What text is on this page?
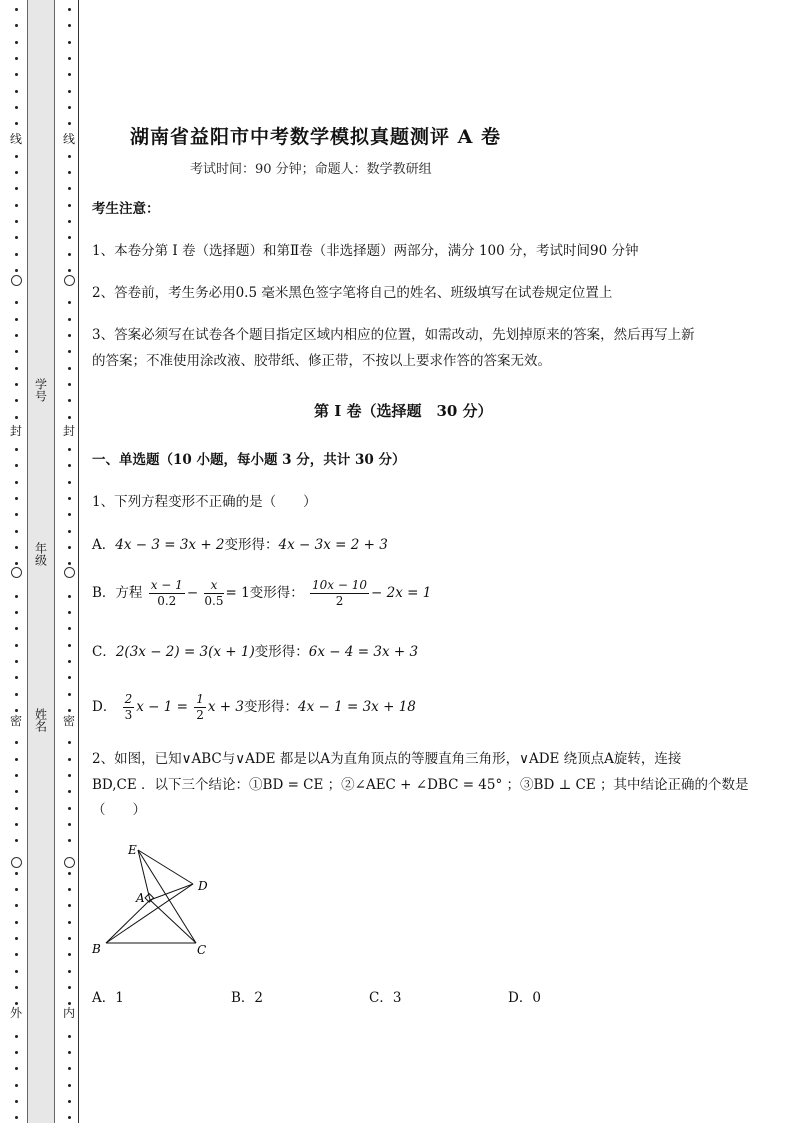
线
封
密
外
学号
年级
姓名
线
封
密
内
湖南省益阳市中考数学模拟真题测评 A 卷
考试时间：90 分钟；命题人：数学教研组
考生注意：
1、本卷分第 I 卷（选择题）和第Ⅱ卷（非选择题）两部分，满分 100 分，考试时间90 分钟
2、答卷前，考生务必用0.5 毫米黑色签字笔将自己的姓名、班级填写在试卷规定位置上
3、答案必须写在试卷各个题目指定区域内相应的位置，如需改动，先划掉原来的答案，然后再写上新
的答案；不准使用涂改液、胶带纸、修正带，不按以上要求作答的答案无效。
第 I 卷（选择题　30 分）
一、单选题（10 小题，每小题 3 分，共计 30 分）
1、下列方程变形不正确的是（　　）
A．4x − 3 = 3x + 2变形得：4x − 3x = 2 + 3
B．方程 $\frac{x - 1}{0.2} - \frac{x}{0.5} = 1$变形得： $\frac{10x - 10}{2} - 2x = 1$
C．2(3x − 2) = 3(x + 1)变形得：6x − 4 = 3x + 3
D． $\frac{2}{3}$ $x - 1 = \frac{1}{2}$ x + 3变形得：4x − 1 = 3x + 18
2、如图，已知∨ABC与∨ADE 都是以A为直角顶点的等腰直角三角形，∨ADE 绕顶点A旋转，连接
BD,CE ．以下三个结论：①BD = CE ；②∠AEC + ∠DBC = 45° ；③BD ⊥ CE ；其中结论正确的个数是
（　　）
E
D
A
B	C
A．1	B．2	C．3	D．0
